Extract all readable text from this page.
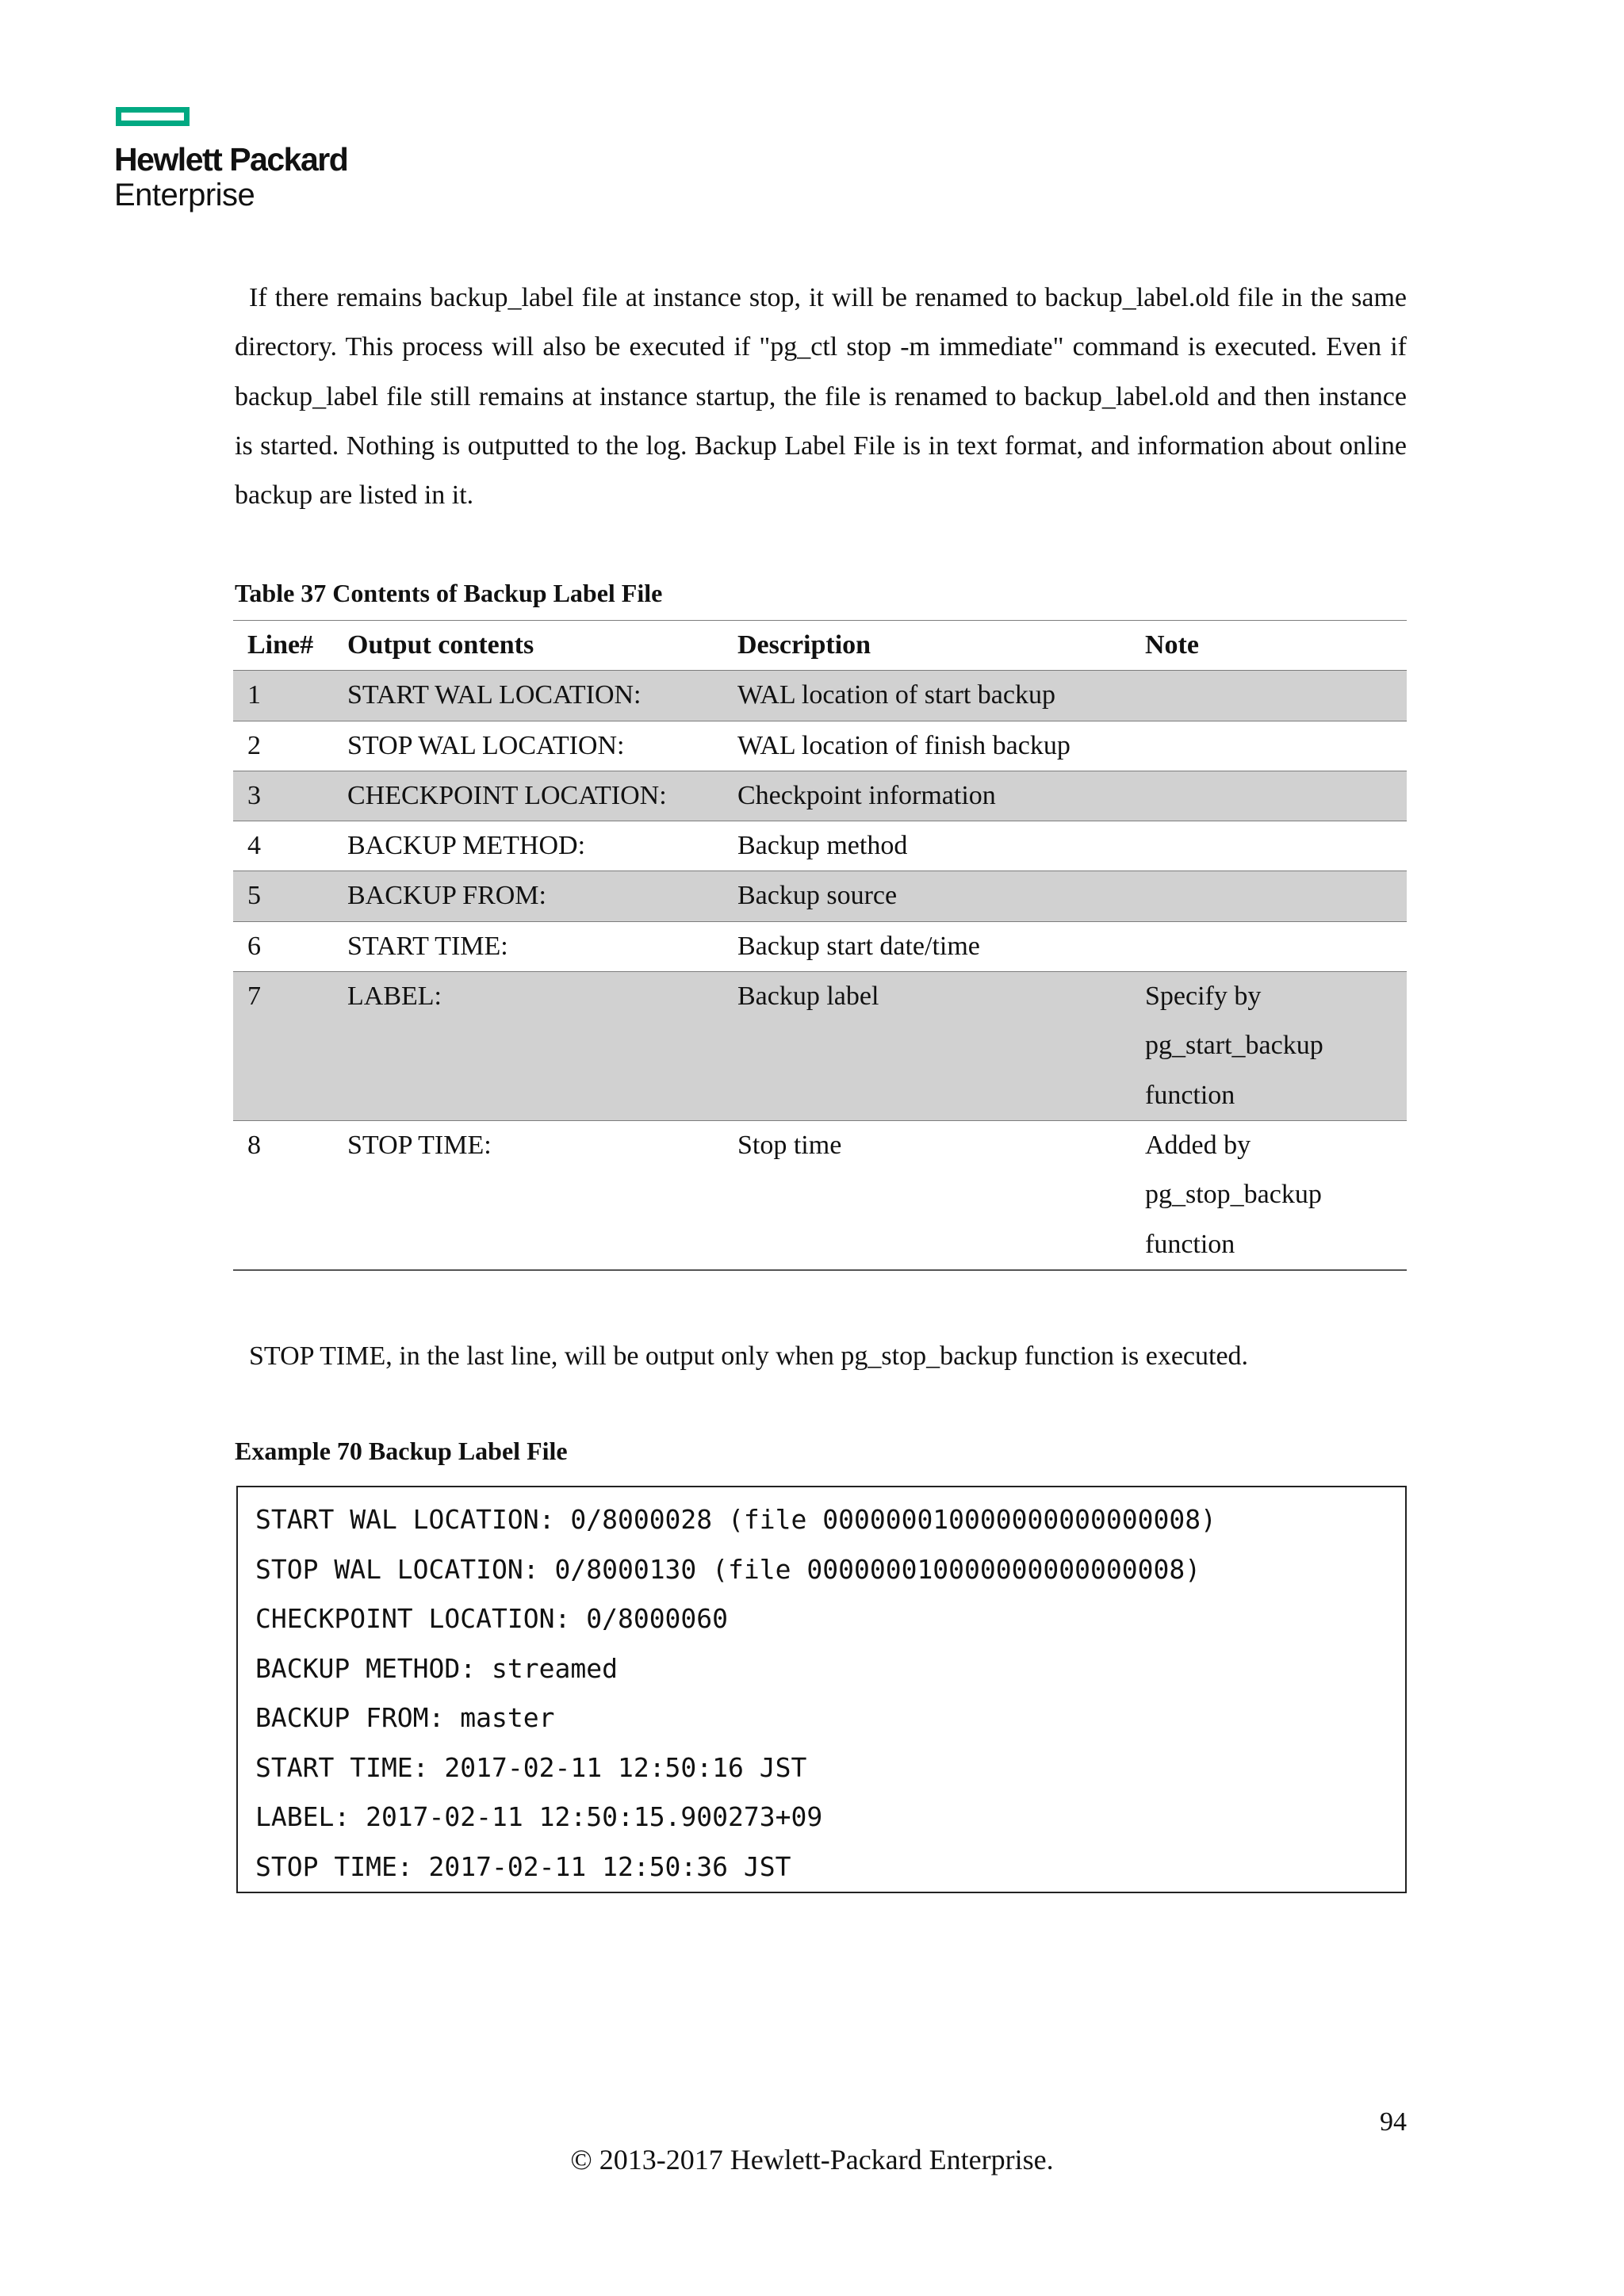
Hewlett Packard
Enterprise

If there remains backup_label file at instance stop, it will be renamed to backup_label.old file in the same directory. This process will also be executed if "pg_ctl stop -m immediate" command is executed. Even if backup_label file still remains at instance startup, the file is renamed to backup_label.old and then instance is started. Nothing is outputted to the log. Backup Label File is in text format, and information about online backup are listed in it.

Table 37 Contents of Backup Label File

Line#	Output contents	Description	Note
1	START WAL LOCATION:	WAL location of start backup	
2	STOP WAL LOCATION:	WAL location of finish backup	
3	CHECKPOINT LOCATION:	Checkpoint information	
4	BACKUP METHOD:	Backup method	
5	BACKUP FROM:	Backup source	
6	START TIME:	Backup start date/time	
7	LABEL:	Backup label	Specify by pg_start_backup function
8	STOP TIME:	Stop time	Added by pg_stop_backup function

STOP TIME, in the last line, will be output only when pg_stop_backup function is executed.

Example 70 Backup Label File

START WAL LOCATION: 0/8000028 (file 000000010000000000000008)
STOP WAL LOCATION: 0/8000130 (file 000000010000000000000008)
CHECKPOINT LOCATION: 0/8000060
BACKUP METHOD: streamed
BACKUP FROM: master
START TIME: 2017-02-11 12:50:16 JST
LABEL: 2017-02-11 12:50:15.900273+09
STOP TIME: 2017-02-11 12:50:36 JST
94
© 2013-2017 Hewlett-Packard Enterprise.
